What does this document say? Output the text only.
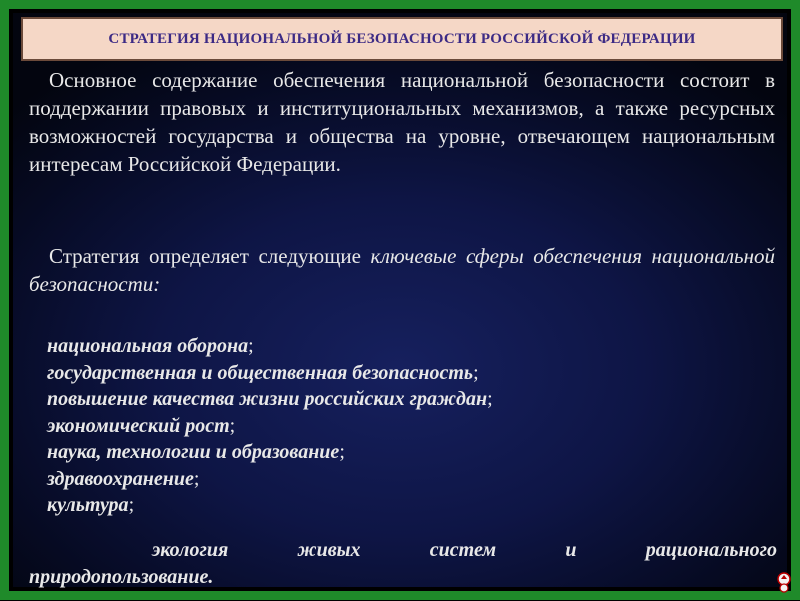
СТРАТЕГИЯ НАЦИОНАЛЬНОЙ БЕЗОПАСНОСТИ РОССИЙСКОЙ ФЕДЕРАЦИИ
Основное содержание обеспечения национальной безопасности состоит в поддержании правовых и институциональных механизмов, а также ресурсных возможностей государства и общества на уровне, отвечающем национальным интересам Российской Федерации.
Стратегия определяет следующие ключевые сферы обеспечения национальной безопасности:
национальная оборона;
государственная и общественная безопасность;
повышение качества жизни российских граждан;
экономический рост;
наука, технологии и образование;
здравоохранение;
культура;
экология	живых	систем	и	рационального
природопользование.
